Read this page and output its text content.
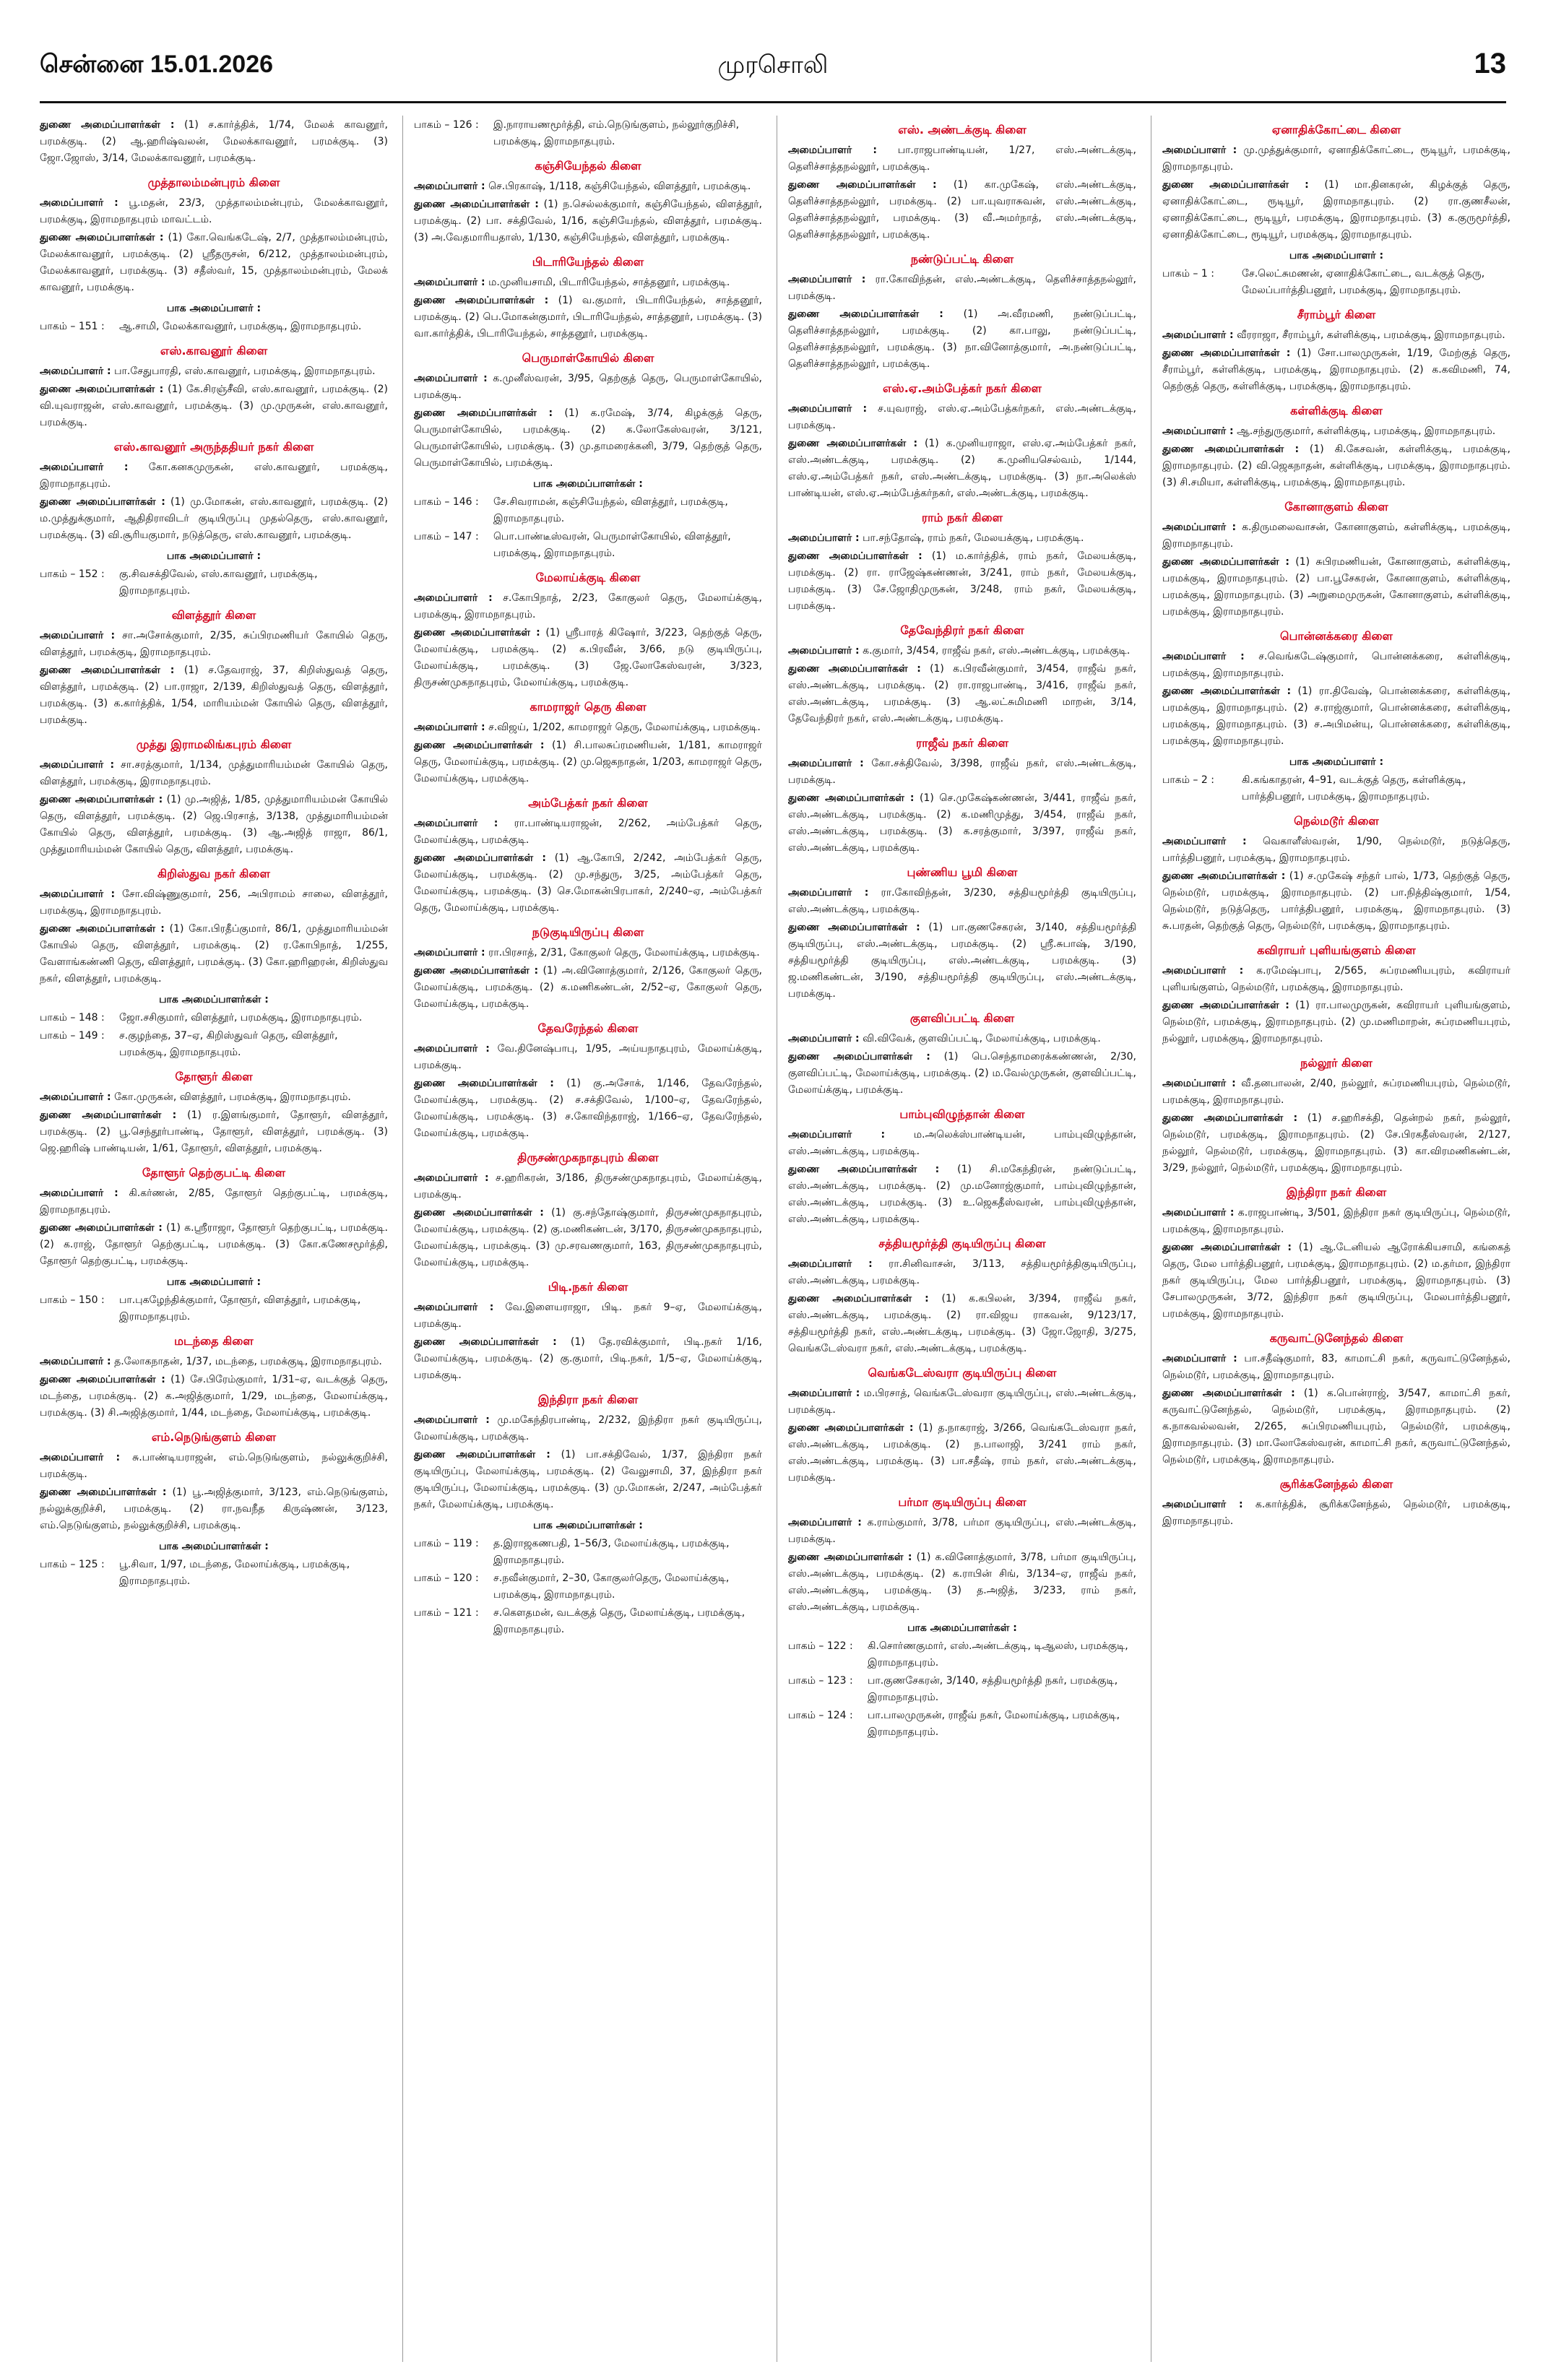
சென்னை 15.01.2026	முரசொலி	13
துணை அமைப்பாளர்கள் : (1) ச.கார்த்திக், 1/74, மேலக் காவனூர், பரமக்குடி. (2) ஆ.ஹரிஷ்வலன், மேலக்காவனூர், பரமக்குடி. (3) ஜோ.ஜோஸ், 3/14, மேலக்காவனூர், பரமக்குடி.
முத்தாலம்மன்புரம் கிளை
அமைப்பாளர் : பூ.மதன், 23/3, முத்தாலம்மன்புரம், மேலக்காவனூர், பரமக்குடி, இராமநாதபுரம் மாவட்டம்.
துணை அமைப்பாளர்கள் : (1) கோ.வெங்கடேஷ், 2/7, முத்தாலம்மன்புரம், மேலக்காவனூர், பரமக்குடி. (2) ஸ்ரீதருசன், 6/212, முத்தாலம்மன்புரம், மேலக்காவனூர், பரமக்குடி. (3) சதீஸ்வர், 15, முத்தாலம்மன்புரம், மேலக் காவனூர், பரமக்குடி.
பாக அமைப்பாளர் :
பாகம் – 151 :	ஆ.சாமி, மேலக்காவனூர், பரமக்குடி, இராமநாதபுரம்.
எஸ்.காவனூர் கிளை
அமைப்பாளர் : பா.சேதுபாரதி, எஸ்.காவனூர், பரமக்குடி, இராமநாதபுரம்.
துணை அமைப்பாளர்கள் : (1) கே.சிரஞ்சீவி, எஸ்.காவனூர், பரமக்குடி. (2) வி.யுவராஜன், எஸ்.காவனூர், பரமக்குடி. (3) மு.முருகன், எஸ்.காவனூர், பரமக்குடி.
எஸ்.காவனூர் அருந்ததியர் நகர் கிளை
அமைப்பாளர் : கோ.கனகமுருகன், எஸ்.காவனூர், பரமக்குடி, இராமநாதபுரம்.
துணை அமைப்பாளர்கள் : (1) மு.மோகன், எஸ்.காவனூர், பரமக்குடி. (2) ம.முத்துக்குமார், ஆதிதிராவிடர் குடியிருப்பு முதல்தெரு, எஸ்.காவனூர், பரமக்குடி. (3) வி.சூரியகுமார், நடுத்தெரு, எஸ்.காவனூர், பரமக்குடி.
பாக அமைப்பாளர் :
பாகம் – 152 :	கு.சிவசக்திவேல், எஸ்.காவனூர், பரமக்குடி, இராமநாதபுரம்.
விளத்தூர் கிளை
அமைப்பாளர் : சா.அசோக்குமார், 2/35, சுப்பிரமணியர் கோயில் தெரு, விளத்தூர், பரமக்குடி, இராமநாதபுரம்.
துணை அமைப்பாளர்கள் : (1) ச.தேவராஜ், 37, கிறிஸ்துவத் தெரு, விளத்தூர், பரமக்குடி. (2) பா.ராஜா, 2/139, கிறிஸ்துவத் தெரு, விளத்தூர், பரமக்குடி. (3) க.கார்த்திக், 1/54, மாரியம்மன் கோயில் தெரு, விளத்தூர், பரமக்குடி.
முத்து இராமலிங்கபுரம் கிளை
அமைப்பாளர் : சா.சரத்குமார், 1/134, முத்துமாரியம்மன் கோயில் தெரு, விளத்தூர், பரமக்குடி, இராமநாதபுரம்.
துணை அமைப்பாளர்கள் : (1) மு.அஜித், 1/85, முத்துமாரியம்மன் கோயில் தெரு, விளத்தூர், பரமக்குடி. (2) ஜெ.பிரசாத், 3/138, முத்துமாரியம்மன் கோயில் தெரு, விளத்தூர், பரமக்குடி. (3) ஆ.அஜித் ராஜா, 86/1, முத்துமாரியம்மன் கோயில் தெரு, விளத்தூர், பரமக்குடி.
கிறிஸ்துவ நகர் கிளை
அமைப்பாளர் : சோ.விஷ்ணுகுமார், 256, அபிராமம் சாலை, விளத்தூர், பரமக்குடி, இராமநாதபுரம்.
துணை அமைப்பாளர்கள் : (1) கோ.பிரதீப்குமார், 86/1, முத்துமாரியம்மன் கோயில் தெரு, விளத்தூர், பரமக்குடி. (2) ர.கோபிநாத், 1/255, வேளாங்கண்ணி தெரு, விளத்தூர், பரமக்குடி. (3) கோ.ஹரிஹரன், கிறிஸ்துவ நகர், விளத்தூர், பரமக்குடி.
பாக அமைப்பாளர்கள் :
பாகம் – 148 :	ஜோ.சசிகுமார், விளத்தூர், பரமக்குடி, இராமநாதபுரம்.
பாகம் – 149 :	ச.குழந்தை, 37–ஏ, கிறிஸ்துவர் தெரு, விளத்தூர், பரமக்குடி, இராமநாதபுரம்.
தோளூர் கிளை
அமைப்பாளர் : கோ.முருகன், விளத்தூர், பரமக்குடி, இராமநாதபுரம்.
துணை அமைப்பாளர்கள் : (1) ர.இளங்குமார், தோளூர், விளத்தூர், பரமக்குடி. (2) பூ.செந்தூர்பாண்டி, தோளூர், விளத்தூர், பரமக்குடி. (3) ஜெ.ஹரிஷ் பாண்டியன், 1/61, தோளூர், விளத்தூர், பரமக்குடி.
தோளூர் தெற்குபட்டி கிளை
அமைப்பாளர் : கி.கர்ணன், 2/85, தோளூர் தெற்குபட்டி, பரமக்குடி, இராமநாதபுரம்.
துணை அமைப்பாளர்கள் : (1) க.ஸ்ரீராஜா, தோளூர் தெற்குபட்டி, பரமக்குடி. (2) க.ராஜ், தோளூர் தெற்குபட்டி, பரமக்குடி. (3) கோ.கணேசமூர்த்தி, தோளூர் தெற்குபட்டி, பரமக்குடி.
பாக அமைப்பாளர் :
பாகம் – 150 :	பா.புகழேந்திக்குமார், தோளூர், விளத்தூர், பரமக்குடி, இராமநாதபுரம்.
மடந்தை கிளை
அமைப்பாளர் : த.லோகநாதன், 1/37, மடந்தை, பரமக்குடி, இராமநாதபுரம்.
துணை அமைப்பாளர்கள் : (1) சே.பிரேம்குமார், 1/31–ஏ, வடக்குத் தெரு, மடந்தை, பரமக்குடி. (2) க.அஜித்குமார், 1/29, மடந்தை, மேலாய்க்குடி, பரமக்குடி. (3) சி.அஜித்குமார், 1/44, மடந்தை, மேலாய்க்குடி, பரமக்குடி.
எம்.நெடுங்குளம் கிளை
அமைப்பாளர் : சு.பாண்டியராஜன், எம்.நெடுங்குளம், நல்லுக்குறிச்சி, பரமக்குடி.
துணை அமைப்பாளர்கள் : (1) பூ.அஜித்குமார், 3/123, எம்.நெடுங்குளம், நல்லுக்குறிச்சி, பரமக்குடி. (2) ரா.நவநீத கிருஷ்ணன், 3/123, எம்.நெடுங்குளம், நல்லுக்குறிச்சி, பரமக்குடி.
பாக அமைப்பாளர்கள் :
பாகம் – 125 :	பூ.சிவா, 1/97, மடந்தை, மேலாய்க்குடி, பரமக்குடி, இராமநாதபுரம்.
பாகம் – 126 :	இ.நாராயணமூர்த்தி, எம்.நெடுங்குளம், நல்லூர்குறிச்சி, பரமக்குடி, இராமநாதபுரம்.
கஞ்சியேந்தல் கிளை
அமைப்பாளர் : செ.பிரகாஷ், 1/118, கஞ்சியேந்தல், விளத்தூர், பரமக்குடி.
துணை அமைப்பாளர்கள் : (1) ந.செல்லக்குமார், கஞ்சியேந்தல், விளத்தூர், பரமக்குடி. (2) பா. சக்திவேல், 1/16, கஞ்சியேந்தல், விளத்தூர், பரமக்குடி. (3) அ.வேதமாரியதாஸ், 1/130, கஞ்சியேந்தல், விளத்தூர், பரமக்குடி.
பிடாரியேந்தல் கிளை
அமைப்பாளர் : ம.முனியசாமி, பிடாரியேந்தல், சாத்தனூர், பரமக்குடி.
துணை அமைப்பாளர்கள் : (1) வ.குமார், பிடாரியேந்தல், சாத்தனூர், பரமக்குடி. (2) பெ.மோகன்குமார், பிடாரியேந்தல், சாத்தனூர், பரமக்குடி. (3) வா.கார்த்திக், பிடாரியேந்தல், சாத்தனூர், பரமக்குடி.
பெருமாள்கோயில் கிளை
அமைப்பாளர் : க.முனீஸ்வரன், 3/95, தெற்குத் தெரு, பெருமாள்கோயில், பரமக்குடி.
துணை அமைப்பாளர்கள் : (1) க.ரமேஷ், 3/74, கிழக்குத் தெரு, பெருமாள்கோயில், பரமக்குடி. (2) க.லோகேஸ்வரன், 3/121, பெருமாள்கோயில், பரமக்குடி. (3) மு.தாமரைக்கனி, 3/79, தெற்குத் தெரு, பெருமாள்கோயில், பரமக்குடி.
பாக அமைப்பாளர்கள் :
பாகம் – 146 :	சே.சிவராமன், கஞ்சியேந்தல், விளத்தூர், பரமக்குடி, இராமநாதபுரம்.
பாகம் – 147 :	பொ.பாண்டீஸ்வரன், பெருமாள்கோயில், விளத்தூர், பரமக்குடி, இராமநாதபுரம்.
மேலாய்க்குடி கிளை
அமைப்பாளர் : ச.கோபிநாத், 2/23, கோகுலர் தெரு, மேலாய்க்குடி, பரமக்குடி, இராமநாதபுரம்.
துணை அமைப்பாளர்கள் : (1) ஸ்ரீபாரத் கிஷோர், 3/223, தெற்குத் தெரு, மேலாய்க்குடி, பரமக்குடி. (2) க.பிரவீன், 3/66, நடு குடியிருப்பு, மேலாய்க்குடி, பரமக்குடி. (3) ஜே.லோகேஸ்வரன், 3/323, திருசண்முகநாதபுரம், மேலாய்க்குடி, பரமக்குடி.
காமராஜர் தெரு கிளை
அமைப்பாளர் : ச.விஜய், 1/202, காமராஜர் தெரு, மேலாய்க்குடி, பரமக்குடி.
துணை அமைப்பாளர்கள் : (1) சி.பாலசுப்ரமணியன், 1/181, காமராஜர் தெரு, மேலாய்க்குடி, பரமக்குடி. (2) மு.ஜெகநாதன், 1/203, காமராஜர் தெரு, மேலாய்க்குடி, பரமக்குடி.
அம்பேத்கர் நகர் கிளை
அமைப்பாளர் : ரா.பாண்டியராஜன், 2/262, அம்பேத்கர் தெரு, மேலாய்க்குடி, பரமக்குடி.
துணை அமைப்பாளர்கள் : (1) ஆ.கோபி, 2/242, அம்பேத்கர் தெரு, மேலாய்க்குடி, பரமக்குடி. (2) மு.சந்துரு, 3/25, அம்பேத்கர் தெரு, மேலாய்க்குடி, பரமக்குடி. (3) செ.மோகன்பிரபாகர், 2/240–ஏ, அம்பேத்கர் தெரு, மேலாய்க்குடி, பரமக்குடி.
நடுகுடியிருப்பு கிளை
அமைப்பாளர் : ரா.பிரசாத், 2/31, கோகுலர் தெரு, மேலாய்க்குடி, பரமக்குடி.
துணை அமைப்பாளர்கள் : (1) அ.வினோத்குமார், 2/126, கோகுலர் தெரு, மேலாய்க்குடி, பரமக்குடி. (2) க.மணிகண்டன், 2/52–ஏ, கோகுலர் தெரு, மேலாய்க்குடி, பரமக்குடி.
தேவரேந்தல் கிளை
அமைப்பாளர் : வே.தினேஷ்பாபு, 1/95, அய்யநாதபுரம், மேலாய்க்குடி, பரமக்குடி.
துணை அமைப்பாளர்கள் : (1) கு.அசோக், 1/146, தேவரேந்தல், மேலாய்க்குடி, பரமக்குடி. (2) ச.சக்திவேல், 1/100–ஏ, தேவரேந்தல், மேலாய்க்குடி, பரமக்குடி. (3) ச.கோவிந்தராஜ், 1/166–ஏ, தேவரேந்தல், மேலாய்க்குடி, பரமக்குடி.
திருசண்முகநாதபுரம் கிளை
அமைப்பாளர் : ச.ஹரிகரன், 3/186, திருசண்முகநாதபுரம், மேலாய்க்குடி, பரமக்குடி.
துணை அமைப்பாளர்கள் : (1) கு.சந்தோஷ்குமார், திருசண்முகநாதபுரம், மேலாய்க்குடி, பரமக்குடி. (2) கு.மணிகண்டன், 3/170, திருசண்முகநாதபுரம், மேலாய்க்குடி, பரமக்குடி. (3) மு.சரவணகுமார், 163, திருசண்முகநாதபுரம், மேலாய்க்குடி, பரமக்குடி.
பிடி.நகர் கிளை
அமைப்பாளர் : வே.இளையராஜா, பிடி. நகர் 9–ஏ, மேலாய்க்குடி, பரமக்குடி.
துணை அமைப்பாளர்கள் : (1) தே.ரவிக்குமார், பிடி.நகர் 1/16, மேலாய்க்குடி, பரமக்குடி. (2) கு.குமார், பிடி.நகர், 1/5–ஏ, மேலாய்க்குடி, பரமக்குடி.
இந்திரா நகர் கிளை
அமைப்பாளர் : மு.மகேந்திரபாண்டி, 2/232, இந்திரா நகர் குடியிருப்பு, மேலாய்க்குடி, பரமக்குடி.
துணை அமைப்பாளர்கள் : (1) பா.சக்திவேல், 1/37, இந்திரா நகர் குடியிருப்பு, மேலாய்க்குடி, பரமக்குடி. (2) வேலுசாமி, 37, இந்திரா நகர் குடியிருப்பு, மேலாய்க்குடி, பரமக்குடி. (3) மு.மோகன், 2/247, அம்பேத்கர் நகர், மேலாய்க்குடி, பரமக்குடி.
பாக அமைப்பாளர்கள் :
பாகம் – 119 :	த.இராஜகணபதி, 1–56/3, மேலாய்க்குடி, பரமக்குடி, இராமநாதபுரம்.
பாகம் – 120 :	ச.நவீன்குமார், 2–30, கோகுலர்தெரு, மேலாய்க்குடி, பரமக்குடி, இராமநாதபுரம்.
பாகம் – 121 :	ச.கௌதமன், வடக்குத் தெரு, மேலாய்க்குடி, பரமக்குடி, இராமநாதபுரம்.
எஸ். அண்டக்குடி கிளை
அமைப்பாளர் : பா.ராஜபாண்டியன், 1/27, எஸ்.அண்டக்குடி, தெளிச்சாத்தநல்லூர், பரமக்குடி.
துணை அமைப்பாளர்கள் : (1) கா.முகேஷ், எஸ்.அண்டக்குடி, தெளிச்சாத்தநல்லூர், பரமக்குடி. (2) பா.யுவராசுவன், எஸ்.அண்டக்குடி, தெளிச்சாத்தநல்லூர், பரமக்குடி. (3) வீ.அமர்நாத், எஸ்.அண்டக்குடி, தெளிச்சாத்தநல்லூர், பரமக்குடி.
நண்டுப்பட்டி கிளை
அமைப்பாளர் : ரா.கோவிந்தன், எஸ்.அண்டக்குடி, தெளிச்சாத்தநல்லூர், பரமக்குடி.
துணை அமைப்பாளர்கள் : (1) அ.வீரமணி, நண்டுப்பட்டி, தெளிச்சாத்தநல்லூர், பரமக்குடி. (2) கா.பாலு, நண்டுப்பட்டி, தெளிச்சாத்தநல்லூர், பரமக்குடி. (3) நா.வினோத்குமார், அ.நண்டுப்பட்டி, தெளிச்சாத்தநல்லூர், பரமக்குடி.
எஸ்.ஏ.அம்பேத்கர் நகர் கிளை
அமைப்பாளர் : ச.யுவராஜ், எஸ்.ஏ.அம்பேத்கர்நகர், எஸ்.அண்டக்குடி, பரமக்குடி.
துணை அமைப்பாளர்கள் : (1) க.முனியராஜா, எஸ்.ஏ.அம்பேத்கர் நகர், எஸ்.அண்டக்குடி, பரமக்குடி. (2) க.முனியசெல்வம், 1/144, எஸ்.ஏ.அம்பேத்கர் நகர், எஸ்.அண்டக்குடி, பரமக்குடி. (3) நா.அலெக்ஸ் பாண்டியன், எஸ்.ஏ.அம்பேத்கர்நகர், எஸ்.அண்டக்குடி, பரமக்குடி.
ராம் நகர் கிளை
அமைப்பாளர் : பா.சந்தோஷ், ராம் நகர், மேலயக்குடி, பரமக்குடி.
துணை அமைப்பாளர்கள் : (1) ம.கார்த்திக், ராம் நகர், மேலயக்குடி, பரமக்குடி. (2) ரா. ராஜேஷ்கண்ணன், 3/241, ராம் நகர், மேலயக்குடி, பரமக்குடி. (3) சே.ஜோதிமுருகன், 3/248, ராம் நகர், மேலயக்குடி, பரமக்குடி.
தேவேந்திரர் நகர் கிளை
அமைப்பாளர் : க.குமார், 3/454, ராஜீவ் நகர், எஸ்.அண்டக்குடி, பரமக்குடி.
துணை அமைப்பாளர்கள் : (1) க.பிரவீன்குமார், 3/454, ராஜீவ் நகர், எஸ்.அண்டக்குடி, பரமக்குடி. (2) ரா.ராஜபாண்டி, 3/416, ராஜீவ் நகர், எஸ்.அண்டக்குடி, பரமக்குடி. (3) ஆ.லட்சுமிமணி மாறன், 3/14, தேவேந்திரர் நகர், எஸ்.அண்டக்குடி, பரமக்குடி.
ராஜீவ் நகர் கிளை
அமைப்பாளர் : கோ.சக்திவேல், 3/398, ராஜீவ் நகர், எஸ்.அண்டக்குடி, பரமக்குடி.
துணை அமைப்பாளர்கள் : (1) செ.முகேஷ்கண்ணன், 3/441, ராஜீவ் நகர், எஸ்.அண்டக்குடி, பரமக்குடி. (2) க.மணிமுத்து, 3/454, ராஜீவ் நகர், எஸ்.அண்டக்குடி, பரமக்குடி. (3) க.சரத்குமார், 3/397, ராஜீவ் நகர், எஸ்.அண்டக்குடி, பரமக்குடி.
புண்ணிய பூமி கிளை
அமைப்பாளர் : ரா.கோவிந்தன், 3/230, சத்தியமூர்த்தி குடியிருப்பு, எஸ்.அண்டக்குடி, பரமக்குடி.
துணை அமைப்பாளர்கள் : (1) பா.குணசேகரன், 3/140, சத்தியமூர்த்தி குடியிருப்பு, எஸ்.அண்டக்குடி, பரமக்குடி. (2) ஸ்ரீ.சுபாஷ், 3/190, சத்தியமூர்த்தி குடியிருப்பு, எஸ்.அண்டக்குடி, பரமக்குடி. (3) ஜ.மணிகண்டன், 3/190, சத்தியமூர்த்தி குடியிருப்பு, எஸ்.அண்டக்குடி, பரமக்குடி.
குளவிப்பட்டி கிளை
அமைப்பாளர் : வி.விவேக், குளவிப்பட்டி, மேலாய்க்குடி, பரமக்குடி.
துணை அமைப்பாளர்கள் : (1) பெ.செந்தாமரைக்கண்ணன், 2/30, குளவிப்பட்டி, மேலாய்க்குடி, பரமக்குடி. (2) ம.வேல்முருகன், குளவிப்பட்டி, மேலாய்க்குடி, பரமக்குடி.
பாம்புவிழுந்தான் கிளை
அமைப்பாளர் :	ம.அலெக்ஸ்பாண்டியன், பாம்புவிழுந்தான், எஸ்.அண்டக்குடி, பரமக்குடி.
துணை அமைப்பாளர்கள் : (1) சி.மகேந்திரன், நண்டுப்பட்டி, எஸ்.அண்டக்குடி, பரமக்குடி. (2) மு.மனோஜ்குமார், பாம்புவிழுந்தான், எஸ்.அண்டக்குடி, பரமக்குடி. (3) உ.ஜெகதீஸ்வரன், பாம்புவிழுந்தான், எஸ்.அண்டக்குடி, பரமக்குடி.
சத்தியமூர்த்தி குடியிருப்பு கிளை
அமைப்பாளர் : ரா.சினிவாசன், 3/113, சத்தியமூர்த்திகுடியிருப்பு, எஸ்.அண்டக்குடி, பரமக்குடி.
துணை அமைப்பாளர்கள் : (1) க.கபிலன், 3/394, ராஜீவ் நகர், எஸ்.அண்டக்குடி, பரமக்குடி. (2) ரா.விஜய ராகவன், 9/123/17, சத்தியமூர்த்தி நகர், எஸ்.அண்டக்குடி, பரமக்குடி. (3) ஜோ.ஜோதி, 3/275, வெங்கடேஸ்வரா நகர், எஸ்.அண்டக்குடி, பரமக்குடி.
வெங்கடேஸ்வரா குடியிருப்பு கிளை
அமைப்பாளர் : ம.பிரசாத், வெங்கடேஸ்வரா குடியிருப்பு, எஸ்.அண்டக்குடி, பரமக்குடி.
துணை அமைப்பாளர்கள் : (1) த.நாகராஜ், 3/266, வெங்கடேஸ்வரா நகர், எஸ்.அண்டக்குடி, பரமக்குடி. (2) ந.பாலாஜி, 3/241 ராம் நகர், எஸ்.அண்டக்குடி, பரமக்குடி. (3) பா.சதீஷ், ராம் நகர், எஸ்.அண்டக்குடி, பரமக்குடி.
பர்மா குடியிருப்பு கிளை
அமைப்பாளர் : க.ராம்குமார், 3/78, பர்மா குடியிருப்பு, எஸ்.அண்டக்குடி, பரமக்குடி.
துணை அமைப்பாளர்கள் : (1) க.வினோத்குமார், 3/78, பர்மா குடியிருப்பு, எஸ்.அண்டக்குடி, பரமக்குடி. (2) க.ராபின் சிங், 3/134–ஏ, ராஜீவ் நகர், எஸ்.அண்டக்குடி, பரமக்குடி. (3) த.அஜித், 3/233, ராம் நகர், எஸ்.அண்டக்குடி, பரமக்குடி.
பாக அமைப்பாளர்கள் :
பாகம் – 122 :	கி.சொர்ணகுமார், எஸ்.அண்டக்குடி, டிஆலஸ், பரமக்குடி, இராமநாதபுரம்.
பாகம் – 123 :	பா.குணசேகரன், 3/140, சத்தியமூர்த்தி நகர், பரமக்குடி, இராமநாதபுரம்.
பாகம் – 124 :	பா.பாலமுருகன், ராஜீவ் நகர், மேலாய்க்குடி, பரமக்குடி, இராமநாதபுரம்.
ஏனாதிக்கோட்டை கிளை
அமைப்பாளர் : மு.முத்துக்குமார், ஏனாதிக்கோட்டை, ரூடியூர், பரமக்குடி, இராமநாதபுரம்.
துணை அமைப்பாளர்கள் : (1) மா.தினகரன், கிழக்குத் தெரு, ஏனாதிக்கோட்டை, ரூடியூர், இராமநாதபுரம். (2) ரா.குணசீலன், ஏனாதிக்கோட்டை, ரூடியூர், பரமக்குடி, இராமநாதபுரம். (3) க.குருமூர்த்தி, ஏனாதிக்கோட்டை, ரூடியூர், பரமக்குடி, இராமநாதபுரம்.
பாக அமைப்பாளர் :
பாகம் – 1 :	சே.லெட்சுமணன், ஏனாதிக்கோட்டை, வடக்குத் தெரு, மேலப்பார்த்திபனூர், பரமக்குடி, இராமநாதபுரம்.
சீராம்பூர் கிளை
அமைப்பாளர் : வீரராஜா, சீராம்பூர், கள்ளிக்குடி, பரமக்குடி, இராமநாதபுரம்.
துணை அமைப்பாளர்கள் : (1) சோ.பாலமுருகன், 1/19, மேற்குத் தெரு, சீராம்பூர், கள்ளிக்குடி, பரமக்குடி, இராமநாதபுரம். (2) க.கவிமணி, 74, தெற்குத் தெரு, கள்ளிக்குடி, பரமக்குடி, இராமநாதபுரம்.
கள்ளிக்குடி கிளை
அமைப்பாளர் : ஆ.சந்துருகுமார், கள்ளிக்குடி, பரமக்குடி, இராமநாதபுரம்.
துணை அமைப்பாளர்கள் : (1) கி.கேசவன், கள்ளிக்குடி, பரமக்குடி, இராமநாதபுரம். (2) வி.ஜெகநாதன், கள்ளிக்குடி, பரமக்குடி, இராமநாதபுரம். (3) சி.சமியா, கள்ளிக்குடி, பரமக்குடி, இராமநாதபுரம்.
கோனாகுளம் கிளை
அமைப்பாளர் : க.திருமலைவாசன், கோனாகுளம், கள்ளிக்குடி, பரமக்குடி, இராமநாதபுரம்.
துணை அமைப்பாளர்கள் : (1) சுபிரமணியன், கோனாகுளம், கள்ளிக்குடி, பரமக்குடி, இராமநாதபுரம். (2) பா.பூசேகரன், கோனாகுளம், கள்ளிக்குடி, பரமக்குடி, இராமநாதபுரம். (3) அறுமைமுருகன், கோனாகுளம், கள்ளிக்குடி, பரமக்குடி, இராமநாதபுரம்.
பொன்னக்கரை கிளை
அமைப்பாளர் : ச.வெங்கடேஷ்குமார், பொன்னக்கரை, கள்ளிக்குடி, பரமக்குடி, இராமநாதபுரம்.
துணை அமைப்பாளர்கள் : (1) ரா.திவேஷ், பொன்னக்கரை, கள்ளிக்குடி, பரமக்குடி, இராமநாதபுரம். (2) ச.ராஜ்குமார், பொன்னக்கரை, கள்ளிக்குடி, பரமக்குடி, இராமநாதபுரம். (3) ச.அபிமன்யு, பொன்னக்கரை, கள்ளிக்குடி, பரமக்குடி, இராமநாதபுரம்.
பாக அமைப்பாளர் :
பாகம் – 2 :	கி.கங்காதரன், 4–91, வடக்குத் தெரு, கள்ளிக்குடி, பார்த்திபனூர், பரமக்குடி, இராமநாதபுரம்.
நெல்மடூர் கிளை
அமைப்பாளர் : வெகாளீஸ்வரன், 1/90, நெல்மடூர், நடுத்தெரு, பார்த்திபனூர், பரமக்குடி, இராமநாதபுரம்.
துணை அமைப்பாளர்கள் : (1) ச.முகேஷ் சந்தர் பால், 1/73, தெற்குத் தெரு, நெல்மடூர், பரமக்குடி, இராமநாதபுரம். (2) பா.நித்திஷ்குமார், 1/54, நெல்மடூர், நடுத்தெரு, பார்த்திபனூர், பரமக்குடி, இராமநாதபுரம். (3) சு.பரதன், தெற்குத் தெரு, நெல்மடூர், பரமக்குடி, இராமநாதபுரம்.
கவிராயர் புளியங்குளம் கிளை
அமைப்பாளர் : க.ரமேஷ்பாபு, 2/565, சுப்ரமணியபுரம், கவிராயர் புளியங்குளம், நெல்மடூர், பரமக்குடி, இராமநாதபுரம்.
துணை அமைப்பாளர்கள் : (1) ரா.பாலமுருகன், கவிராயர் புளியங்குளம், நெல்மடூர், பரமக்குடி, இராமநாதபுரம். (2) மு.மணிமாறன், சுப்ரமணியபுரம், நல்லூர், பரமக்குடி, இராமநாதபுரம்.
நல்லூர் கிளை
அமைப்பாளர் : வீ.தனபாலன், 2/40, நல்லூர், சுப்ரமணியபுரம், நெல்மடூர், பரமக்குடி, இராமநாதபுரம்.
துணை அமைப்பாளர்கள் : (1) ச.ஹரிசக்தி, தென்றல் நகர், நல்லூர், நெல்மடூர், பரமக்குடி, இராமநாதபுரம். (2) சே.பிரகதீஸ்வரன், 2/127, நல்லூர், நெல்மடூர், பரமக்குடி, இராமநாதபுரம். (3) கா.விரமணிகண்டன், 3/29, நல்லூர், நெல்மடூர், பரமக்குடி, இராமநாதபுரம்.
இந்திரா நகர் கிளை
அமைப்பாளர் : க.ராஜபாண்டி, 3/501, இந்திரா நகர் குடியிருப்பு, நெல்மடூர், பரமக்குடி, இராமநாதபுரம்.
துணை அமைப்பாளர்கள் : (1) ஆ.டேனியல் ஆரோக்கியசாமி, கங்கைத் தெரு, மேல பார்த்திபனூர், பரமக்குடி, இராமநாதபுரம். (2) ம.தர்மா, இந்திரா நகர் குடியிருப்பு, மேல பார்த்திபனூர், பரமக்குடி, இராமநாதபுரம். (3) சேபாலமுருகன், 3/72, இந்திரா நகர் குடியிருப்பு, மேலபார்த்திபனூர், பரமக்குடி, இராமநாதபுரம்.
கருவாட்டுனேந்தல் கிளை
அமைப்பாளர் : பா.சதீஷ்குமார், 83, காமாட்சி நகர், கருவாட்டுனேந்தல், நெல்மடூர், பரமக்குடி, இராமநாதபுரம்.
துணை அமைப்பாளர்கள் : (1) க.பொன்ராஜ், 3/547, காமாட்சி நகர், கருவாட்டுனேந்தல், நெல்மடூர், பரமக்குடி, இராமநாதபுரம். (2) க.நாகவல்லவன், 2/265, சுப்பிரமணியபுரம், நெல்மடூர், பரமக்குடி, இராமநாதபுரம். (3) மா.லோகேஸ்வரன், காமாட்சி நகர், கருவாட்டுனேந்தல், நெல்மடூர், பரமக்குடி, இராமநாதபுரம்.
சூரிக்கனேந்தல் கிளை
அமைப்பாளர் : க.கார்த்திக், சூரிக்கனேந்தல், நெல்மடூர், பரமக்குடி, இராமநாதபுரம்.
